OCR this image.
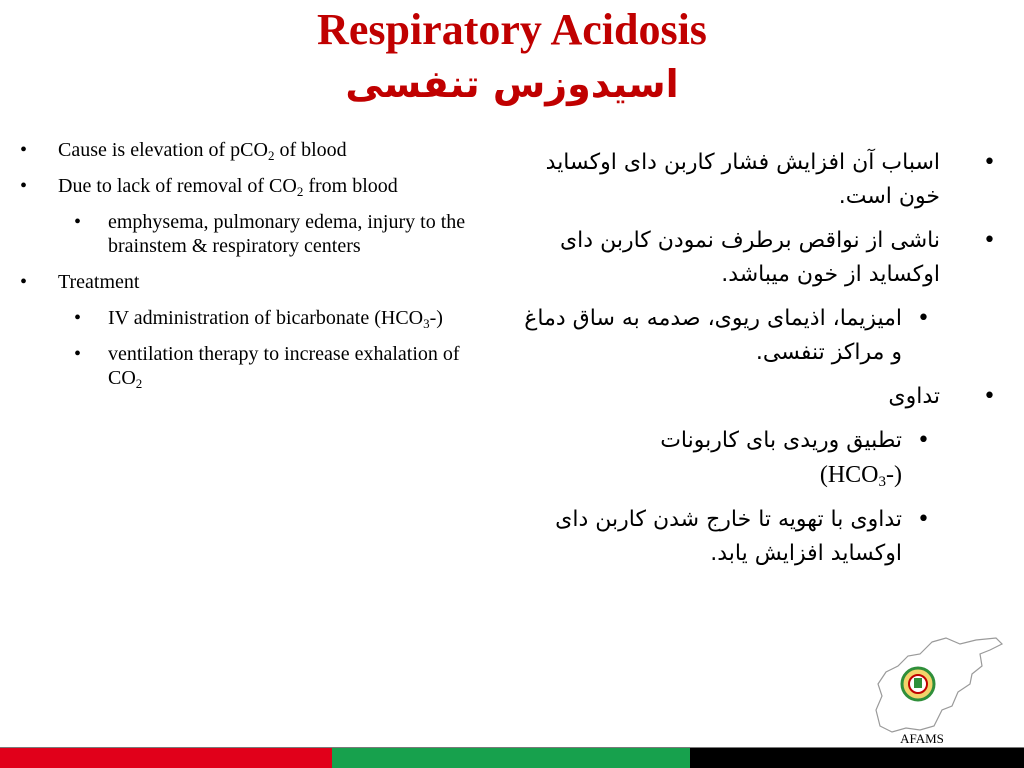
Respiratory Acidosis
اسیدوزس تنفسی
• Cause is elevation of pCO$_2$ of blood
• Due to lack of removal of $CO_2$ from blood
• emphysema, pulmonary edema, injury to the brainstem & respiratory centers
• Treatment
• IV administration of bicarbonate $(HCO_3-)$
• ventilation therapy to increase exhalation of $CO_2$
•
اسباب آن افزایش فشار کاربن دای اوکساید خون است.
•
ناشی از نواقص برطرف نمودن کاربن دای اوکساید از خون میباشد.
•
امیزیما، اذیمای ریوی، صدمه به ساق دماغ و مراکز تنفسی.
•
تداوی
•
تطبیق وریدی بای کاربونات
$(HCO_3-)$
•
تداوی با تهویه تا خارج شدن کاربن دای اوکساید افزایش یابد.
AFAMS
